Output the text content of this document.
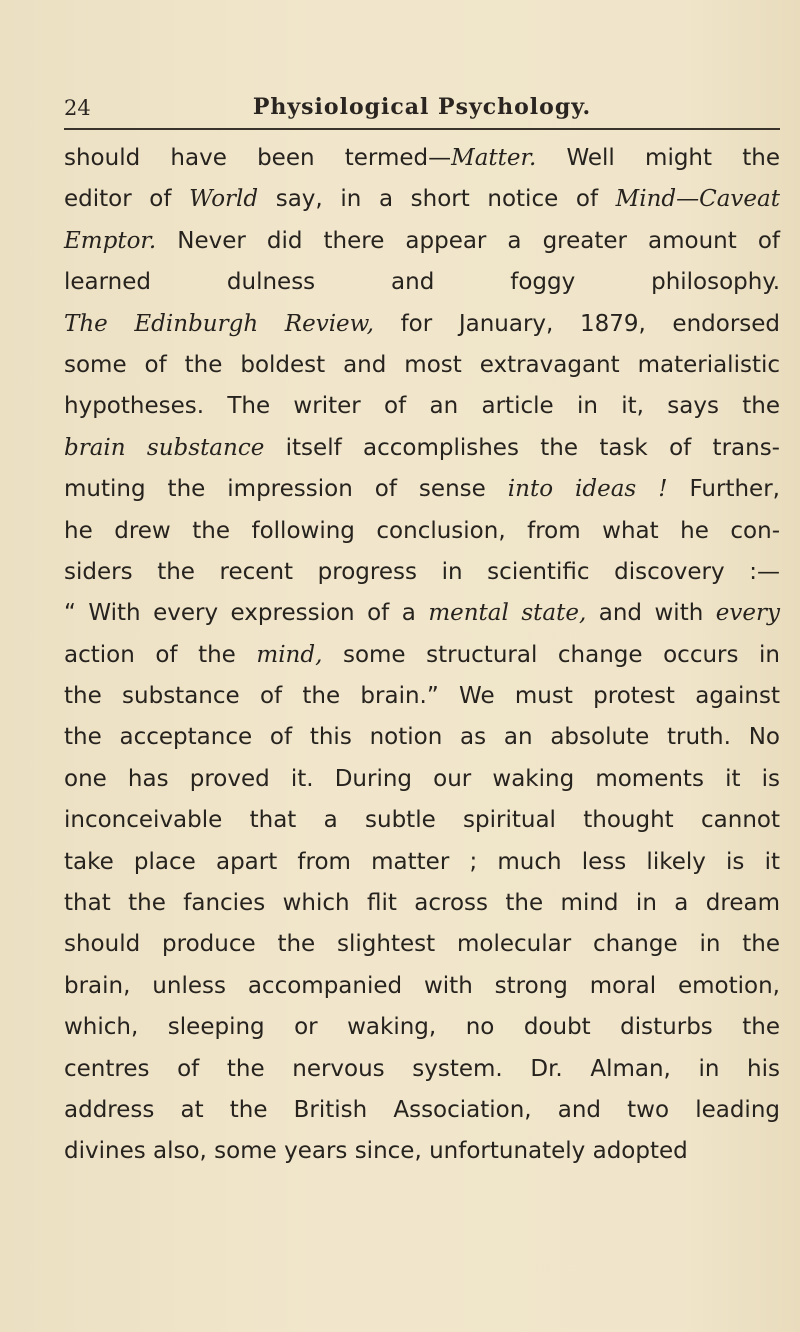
24	Physiological Psychology.
should have been termed—Matter. Well might the
editor of World say, in a short notice of Mind—Caveat
Emptor. Never did there appear a greater amount of
learned dulness and foggy philosophy.
The Edinburgh Review, for January, 1879, endorsed
some of the boldest and most extravagant materialistic
hypotheses. The writer of an article in it, says the
brain substance itself accomplishes the task of trans-
muting the impression of sense into ideas ! Further,
he drew the following conclusion, from what he con-
siders the recent progress in scientific discovery :—
“ With every expression of a mental state, and with every
action of the mind, some structural change occurs in
the substance of the brain.” We must protest against
the acceptance of this notion as an absolute truth. No
one has proved it. During our waking moments it is
inconceivable that a subtle spiritual thought cannot
take place apart from matter ; much less likely is it
that the fancies which flit across the mind in a dream
should produce the slightest molecular change in the
brain, unless accompanied with strong moral emotion,
which, sleeping or waking, no doubt disturbs the
centres of the nervous system. Dr. Alman, in his
address at the British Association, and two leading
divines also, some years since, unfortunately adopted
